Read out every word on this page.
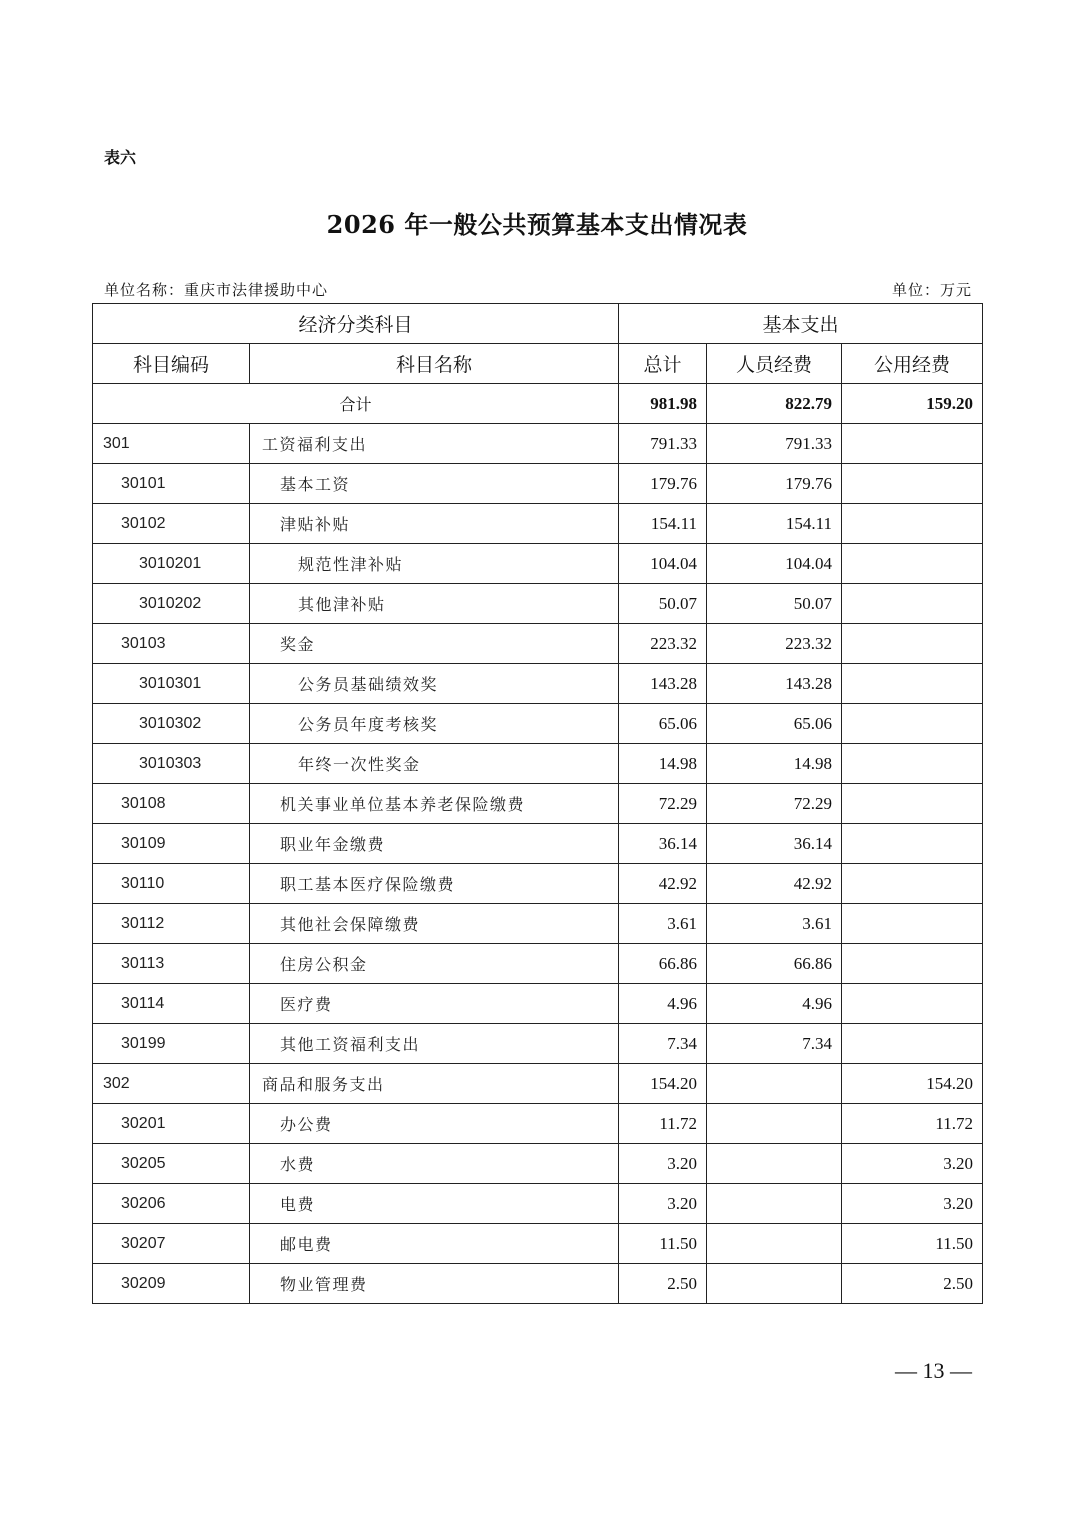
表六
2026 年一般公共预算基本支出情况表
单位名称：重庆市法律援助中心	单位：万元
经济分类科目		基本支出		
科目编码	科目名称	总计	人员经费	公用经费
合计		981.98	822.79	159.20
301	工资福利支出	791.33	791.33	
30101	基本工资	179.76	179.76	
30102	津贴补贴	154.11	154.11	
3010201	规范性津补贴	104.04	104.04	
3010202	其他津补贴	50.07	50.07	
30103	奖金	223.32	223.32	
3010301	公务员基础绩效奖	143.28	143.28	
3010302	公务员年度考核奖	65.06	65.06	
3010303	年终一次性奖金	14.98	14.98	
30108	机关事业单位基本养老保险缴费	72.29	72.29	
30109	职业年金缴费	36.14	36.14	
30110	职工基本医疗保险缴费	42.92	42.92	
30112	其他社会保障缴费	3.61	3.61	
30113	住房公积金	66.86	66.86	
30114	医疗费	4.96	4.96	
30199	其他工资福利支出	7.34	7.34	
302	商品和服务支出	154.20		154.20
30201	办公费	11.72		11.72
30205	水费	3.20		3.20
30206	电费	3.20		3.20
30207	邮电费	11.50		11.50
30209	物业管理费	2.50		2.50
— 13 —
